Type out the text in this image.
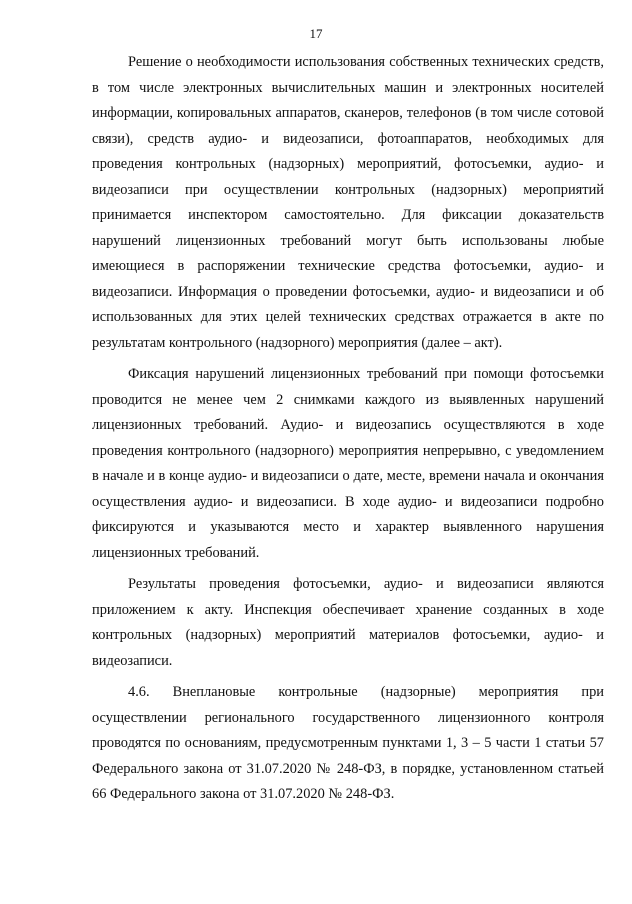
17

Решение о необходимости использования собственных технических средств, в том числе электронных вычислительных машин и электронных носителей информации, копировальных аппаратов, сканеров, телефонов (в том числе сотовой связи), средств аудио- и видеозаписи, фотоаппаратов, необходимых для проведения контрольных (надзорных) мероприятий, фотосъемки, аудио- и видеозаписи при осуществлении контрольных (надзорных) мероприятий принимается инспектором самостоятельно. Для фиксации доказательств нарушений лицензионных требований могут быть использованы любые имеющиеся в распоряжении технические средства фотосъемки, аудио- и видеозаписи. Информация о проведении фотосъемки, аудио- и видеозаписи и об использованных для этих целей технических средствах отражается в акте по результатам контрольного (надзорного) мероприятия (далее – акт).

Фиксация нарушений лицензионных требований при помощи фотосъемки проводится не менее чем 2 снимками каждого из выявленных нарушений лицензионных требований. Аудио- и видеозапись осуществляются в ходе проведения контрольного (надзорного) мероприятия непрерывно, с уведомлением в начале и в конце аудио- и видеозаписи о дате, месте, времени начала и окончания осуществления аудио- и видеозаписи. В ходе аудио- и видеозаписи подробно фиксируются и указываются место и характер выявленного нарушения лицензионных требований.

Результаты проведения фотосъемки, аудио- и видеозаписи являются приложением к акту. Инспекция обеспечивает хранение созданных в ходе контрольных (надзорных) мероприятий материалов фотосъемки, аудио- и видеозаписи.

4.6. Внеплановые контрольные (надзорные) мероприятия при осуществлении регионального государственного лицензионного контроля проводятся по основаниям, предусмотренным пунктами 1, 3 – 5 части 1 статьи 57 Федерального закона от 31.07.2020 № 248-ФЗ, в порядке, установленном статьей 66 Федерального закона от 31.07.2020 № 248-ФЗ.
